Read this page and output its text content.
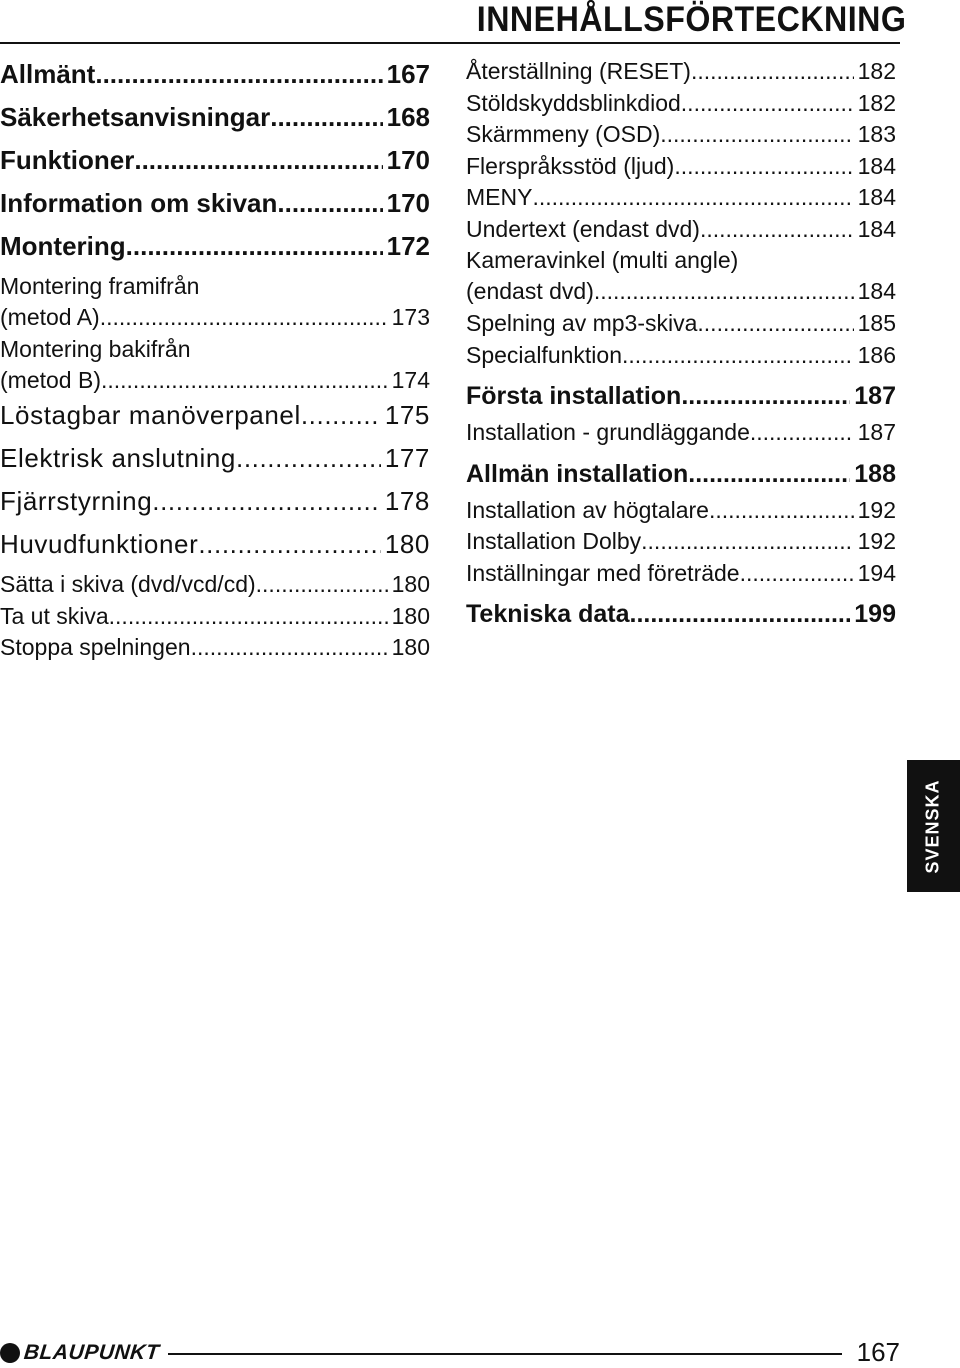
INNEHÅLLSFÖRTECKNING
Allmänt .....	167
Säkerhetsanvisningar .....	168
Funktioner .....	170
Information om skivan .....	170
Montering .....	172
Montering framifrån
(metod A) .....	173
Montering bakifrån
(metod B) .....	174
Löstagbar manöverpanel .....	175
Elektrisk anslutning .....	177
Fjärrstyrning .....	178
Huvudfunktioner .....	180
Sätta i skiva (dvd/vcd/cd) .....	180
Ta ut skiva .....	180
Stoppa spelningen .....	180
Återställning (RESET) .....	182
Stöldskyddsblinkdiod .....	182
Skärmmeny (OSD) .....	183
Flerspråksstöd (ljud) .....	184
MENY .....	184
Undertext (endast dvd) .....	184
Kameravinkel (multi angle)
(endast dvd) .....	184
Spelning av mp3-skiva .....	185
Specialfunktion .....	186
Första installation .....	187
Installation - grundläggande .....	187
Allmän installation .....	188
Installation av högtalare .....	192
Installation Dolby .....	192
Inställningar med företräde .....	194
Tekniska data .....	199
SVENSKA
BLAUPUNKT	167
